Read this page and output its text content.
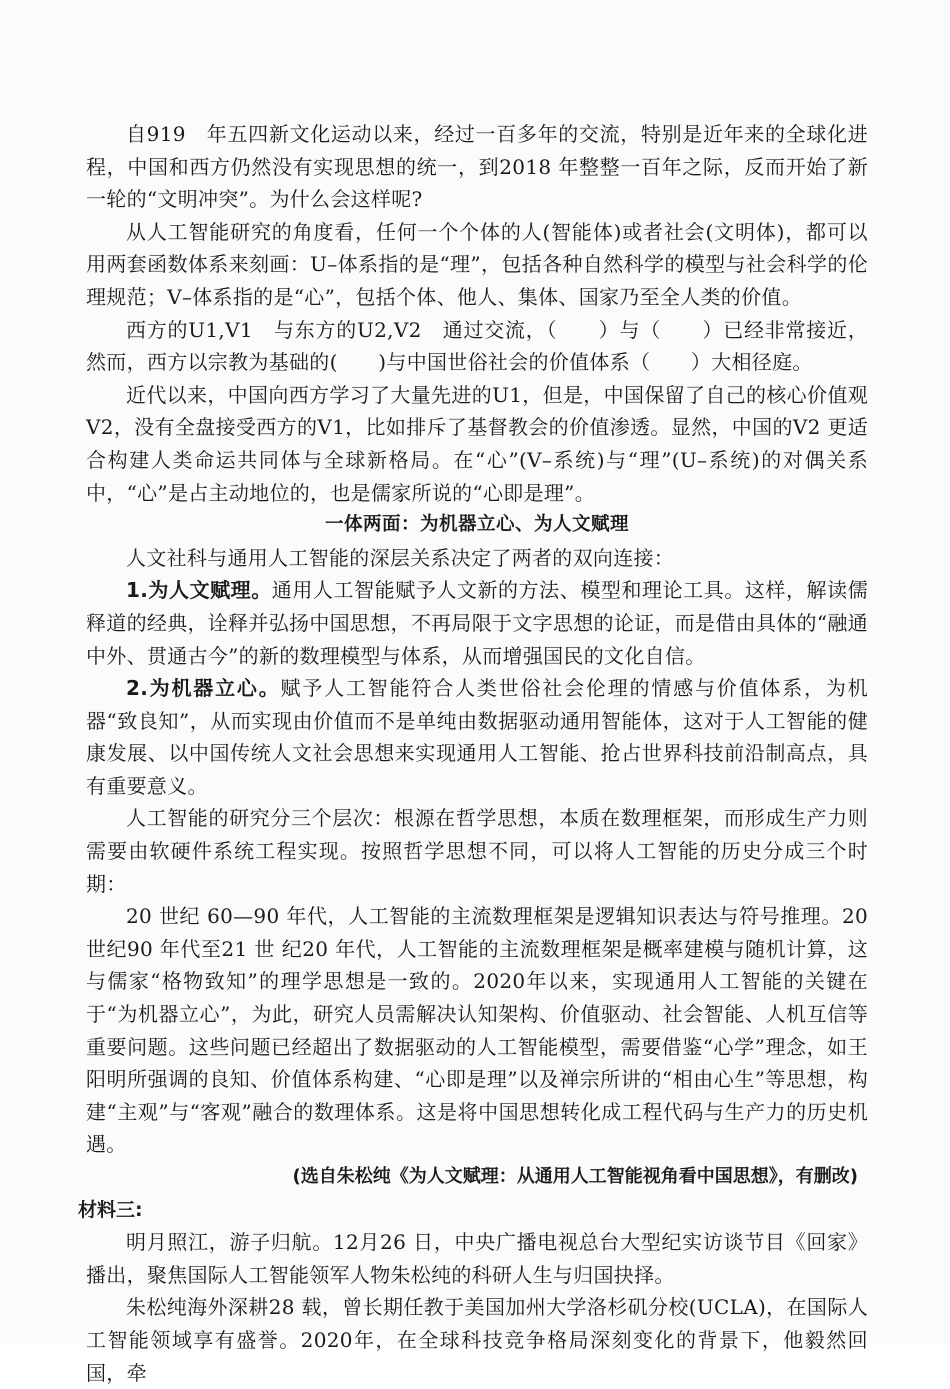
自919　年五四新文化运动以来，经过一百多年的交流，特别是近年来的全球化进程，中国和西方仍然没有实现思想的统一，到2018 年整整一百年之际，反而开始了新一轮的“文明冲突”。为什么会这样呢?

从人工智能研究的角度看，任何一个个体的人(智能体)或者社会(文明体)，都可以用两套函数体系来刻画：U–体系指的是“理”，包括各种自然科学的模型与社会科学的伦理规范；V–体系指的是“心”，包括个体、他人、集体、国家乃至全人类的价值。

西方的U1,V1　与东方的U2,V2　通过交流，（　　）与（　　）已经非常接近，然而，西方以宗教为基础的(　　)与中国世俗社会的价值体系（　　）大相径庭。

近代以来，中国向西方学习了大量先进的U1，但是，中国保留了自己的核心价值观V2，没有全盘接受西方的V1，比如排斥了基督教会的价值渗透。显然，中国的V2 更适合构建人类命运共同体与全球新格局。在“心”(V–系统)与“理”(U–系统)的对偶关系中，“心”是占主动地位的，也是儒家所说的“心即是理”。

一体两面：为机器立心、为人文赋理

人文社科与通用人工智能的深层关系决定了两者的双向连接：

1.为人文赋理。通用人工智能赋予人文新的方法、模型和理论工具。这样，解读儒释道的经典，诠释并弘扬中国思想，不再局限于文字思想的论证，而是借由具体的“融通中外、贯通古今”的新的数理模型与体系，从而增强国民的文化自信。

2.为机器立心。赋予人工智能符合人类世俗社会伦理的情感与价值体系，为机器“致良知”，从而实现由价值而不是单纯由数据驱动通用智能体，这对于人工智能的健康发展、以中国传统人文社会思想来实现通用人工智能、抢占世界科技前沿制高点，具有重要意义。

人工智能的研究分三个层次：根源在哲学思想，本质在数理框架，而形成生产力则需要由软硬件系统工程实现。按照哲学思想不同，可以将人工智能的历史分成三个时期：

20 世纪 60—90 年代，人工智能的主流数理框架是逻辑知识表达与符号推理。20世纪90 年代至21 世 纪20 年代，人工智能的主流数理框架是概率建模与随机计算，这与儒家“格物致知”的理学思想是一致的。2020年以来，实现通用人工智能的关键在于“为机器立心”，为此，研究人员需解决认知架构、价值驱动、社会智能、人机互信等重要问题。这些问题已经超出了数据驱动的人工智能模型，需要借鉴“心学”理念，如王阳明所强调的良知、价值体系构建、“心即是理”以及禅宗所讲的“相由心生”等思想，构建“主观”与“客观”融合的数理体系。这是将中国思想转化成工程代码与生产力的历史机遇。

(选自朱松纯《为人文赋理：从通用人工智能视角看中国思想》，有删改)

材料三:

明月照江，游子归航。12月26 日，中央广播电视总台大型纪实访谈节目《回家》播出，聚焦国际人工智能领军人物朱松纯的科研人生与归国抉择。

朱松纯海外深耕28 载，曾长期任教于美国加州大学洛杉矶分校(UCLA)，在国际人工智能领域享有盛誉。2020年，在全球科技竞争格局深刻变化的背景下，他毅然回国，牵
